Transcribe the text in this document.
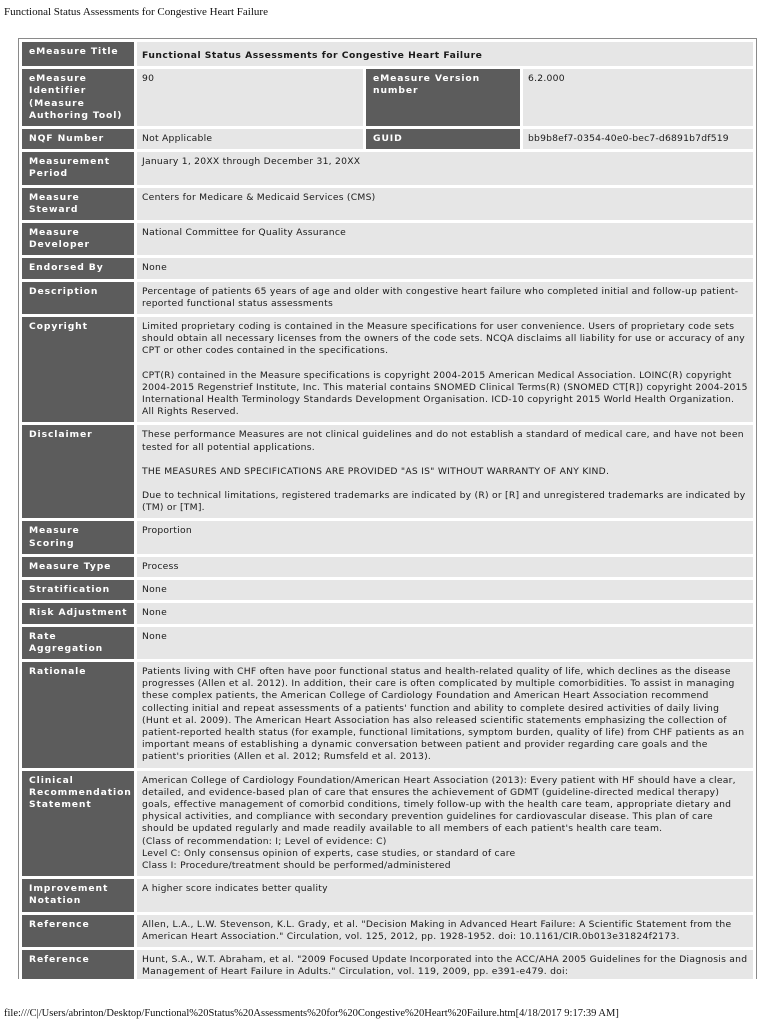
Functional Status Assessments for Congestive Heart Failure
eMeasure Title	Functional Status Assessments for Congestive Heart Failure		
eMeasure Identifier (Measure Authoring Tool)	90	eMeasure Version number	6.2.000
NQF Number	Not Applicable	GUID	bb9b8ef7-0354-40e0-bec7-d6891b7df519
Measurement Period	January 1, 20XX through December 31, 20XX		
Measure Steward	Centers for Medicare & Medicaid Services (CMS)		
Measure Developer	National Committee for Quality Assurance		
Endorsed By	None		
Description	Percentage of patients 65 years of age and older with congestive heart failure who completed initial and follow-up patient-reported functional status assessments		
Copyright	Limited proprietary coding is contained in the Measure specifications for user convenience. Users of proprietary code sets should obtain all necessary licenses from the owners of the code sets. NCQA disclaims all liability for use or accuracy of any CPT or other codes contained in the specifications.
CPT(R) contained in the Measure specifications is copyright 2004-2015 American Medical Association. LOINC(R) copyright 2004-2015 Regenstrief Institute, Inc. This material contains SNOMED Clinical Terms(R) (SNOMED CT[R]) copyright 2004-2015 International Health Terminology Standards Development Organisation. ICD-10 copyright 2015 World Health Organization. All Rights Reserved.		

Disclaimer	These performance Measures are not clinical guidelines and do not establish a standard of medical care, and have not been tested for all potential applications.
THE MEASURES AND SPECIFICATIONS ARE PROVIDED "AS IS" WITHOUT WARRANTY OF ANY KIND.
Due to technical limitations, registered trademarks are indicated by (R) or [R] and unregistered trademarks are indicated by (TM) or [TM].		

Measure Scoring	Proportion		
Measure Type	Process		
Stratification	None		
Risk Adjustment	None		
Rate Aggregation	None		
Rationale	Patients living with CHF often have poor functional status and health-related quality of life, which declines as the disease progresses (Allen et al. 2012). In addition, their care is often complicated by multiple comorbidities. To assist in managing these complex patients, the American College of Cardiology Foundation and American Heart Association recommend collecting initial and repeat assessments of a patients' function and ability to complete desired activities of daily living (Hunt et al. 2009). The American Heart Association has also released scientific statements emphasizing the collection of patient-reported health status (for example, functional limitations, symptom burden, quality of life) from CHF patients as an important means of establishing a dynamic conversation between patient and provider regarding care goals and the patient's priorities (Allen et al. 2012; Rumsfeld et al. 2013).		
Clinical Recommendation Statement	American College of Cardiology Foundation/American Heart Association (2013): Every patient with HF should have a clear, detailed, and evidence-based plan of care that ensures the achievement of GDMT (guideline-directed medical therapy) goals, effective management of comorbid conditions, timely follow-up with the health care team, appropriate dietary and physical activities, and compliance with secondary prevention guidelines for cardiovascular disease. This plan of care should be updated regularly and made readily available to all members of each patient's health care team.
(Class of recommendation: I; Level of evidence: C)
Level C: Only consensus opinion of experts, case studies, or standard of care
Class I: Procedure/treatment should be performed/administered		

Improvement Notation	A higher score indicates better quality		
Reference	Allen, L.A., L.W. Stevenson, K.L. Grady, et al. "Decision Making in Advanced Heart Failure: A Scientific Statement from the American Heart Association." Circulation, vol. 125, 2012, pp. 1928-1952. doi: 10.1161/CIR.0b013e31824f2173.		
Reference	Hunt, S.A., W.T. Abraham, et al. "2009 Focused Update Incorporated into the ACC/AHA 2005 Guidelines for the Diagnosis and Management of Heart Failure in Adults." Circulation, vol. 119, 2009, pp. e391-e479. doi:		

file:///C|/Users/abrinton/Desktop/Functional%20Status%20Assessments%20for%20Congestive%20Heart%20Failure.htm[4/18/2017 9:17:39 AM]
